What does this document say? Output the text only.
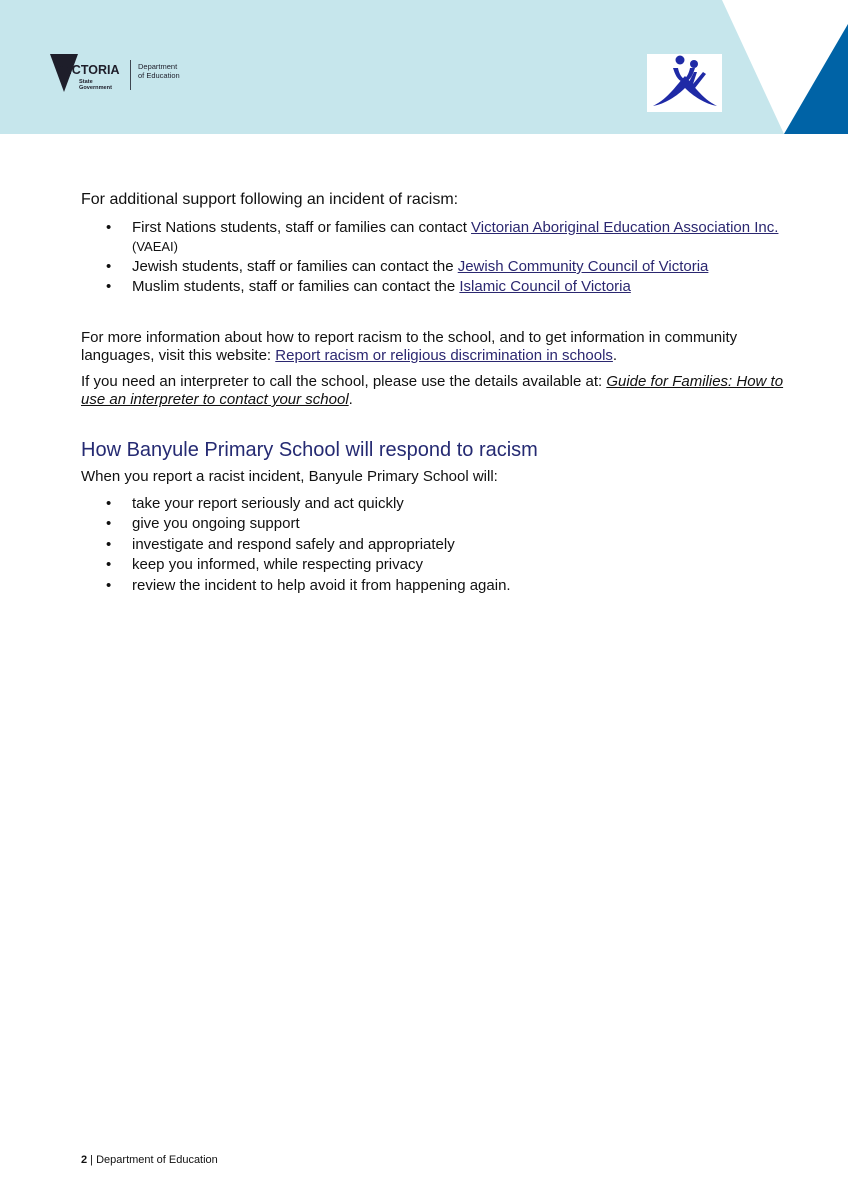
VICTORIA
State
Government
Department
of Education

For additional support following an incident of racism:

• First Nations students, staff or families can contact Victorian Aboriginal Education Association Inc. (VAEAI)
• Jewish students, staff or families can contact the Jewish Community Council of Victoria
• Muslim students, staff or families can contact the Islamic Council of Victoria

For more information about how to report racism to the school, and to get information in community languages, visit this website: Report racism or religious discrimination in schools.

If you need an interpreter to call the school, please use the details available at: Guide for Families: How to use an interpreter to contact your school.

How Banyule Primary School will respond to racism

When you report a racist incident, Banyule Primary School will:

• take your report seriously and act quickly
• give you ongoing support
• investigate and respond safely and appropriately
• keep you informed, while respecting privacy
• review the incident to help avoid it from happening again.
2 | Department of Education
